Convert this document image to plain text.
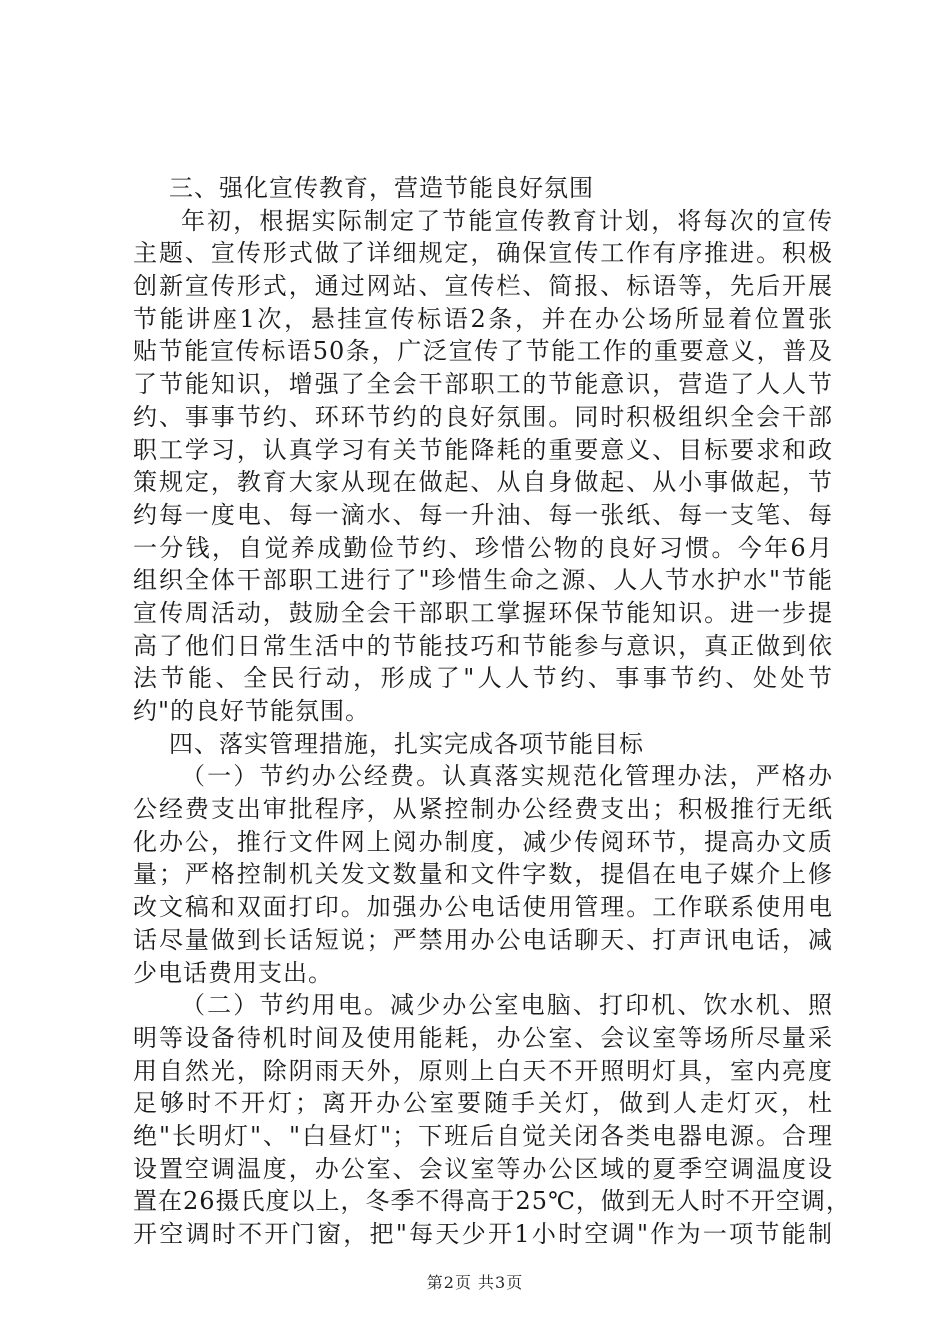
三、强化宣传教育，营造节能良好氛围
年初，根据实际制定了节能宣传教育计划，将每次的宣传
主题、宣传形式做了详细规定，确保宣传工作有序推进。积极
创新宣传形式，通过网站、宣传栏、简报、标语等，先后开展
节能讲座1次，悬挂宣传标语2条，并在办公场所显着位置张
贴节能宣传标语50条，广泛宣传了节能工作的重要意义，普及
了节能知识，增强了全会干部职工的节能意识，营造了人人节
约、事事节约、环环节约的良好氛围。同时积极组织全会干部
职工学习，认真学习有关节能降耗的重要意义、目标要求和政
策规定，教育大家从现在做起、从自身做起、从小事做起，节
约每一度电、每一滴水、每一升油、每一张纸、每一支笔、每
一分钱，自觉养成勤俭节约、珍惜公物的良好习惯。今年6月
组织全体干部职工进行了"珍惜生命之源、人人节水护水"节能
宣传周活动，鼓励全会干部职工掌握环保节能知识。进一步提
高了他们日常生活中的节能技巧和节能参与意识，真正做到依
法节能、全民行动，形成了"人人节约、事事节约、处处节
约"的良好节能氛围。
四、落实管理措施，扎实完成各项节能目标
（一）节约办公经费。认真落实规范化管理办法，严格办
公经费支出审批程序，从紧控制办公经费支出；积极推行无纸
化办公，推行文件网上阅办制度，减少传阅环节，提高办文质
量；严格控制机关发文数量和文件字数，提倡在电子媒介上修
改文稿和双面打印。加强办公电话使用管理。工作联系使用电
话尽量做到长话短说；严禁用办公电话聊天、打声讯电话，减
少电话费用支出。
（二）节约用电。减少办公室电脑、打印机、饮水机、照
明等设备待机时间及使用能耗，办公室、会议室等场所尽量采
用自然光，除阴雨天外，原则上白天不开照明灯具，室内亮度
足够时不开灯；离开办公室要随手关灯，做到人走灯灭，杜
绝"长明灯"、"白昼灯"；下班后自觉关闭各类电器电源。合理
设置空调温度，办公室、会议室等办公区域的夏季空调温度设
置在26摄氏度以上，冬季不得高于25℃，做到无人时不开空调，
开空调时不开门窗，把"每天少开1小时空调"作为一项节能制
第2页 共3页
